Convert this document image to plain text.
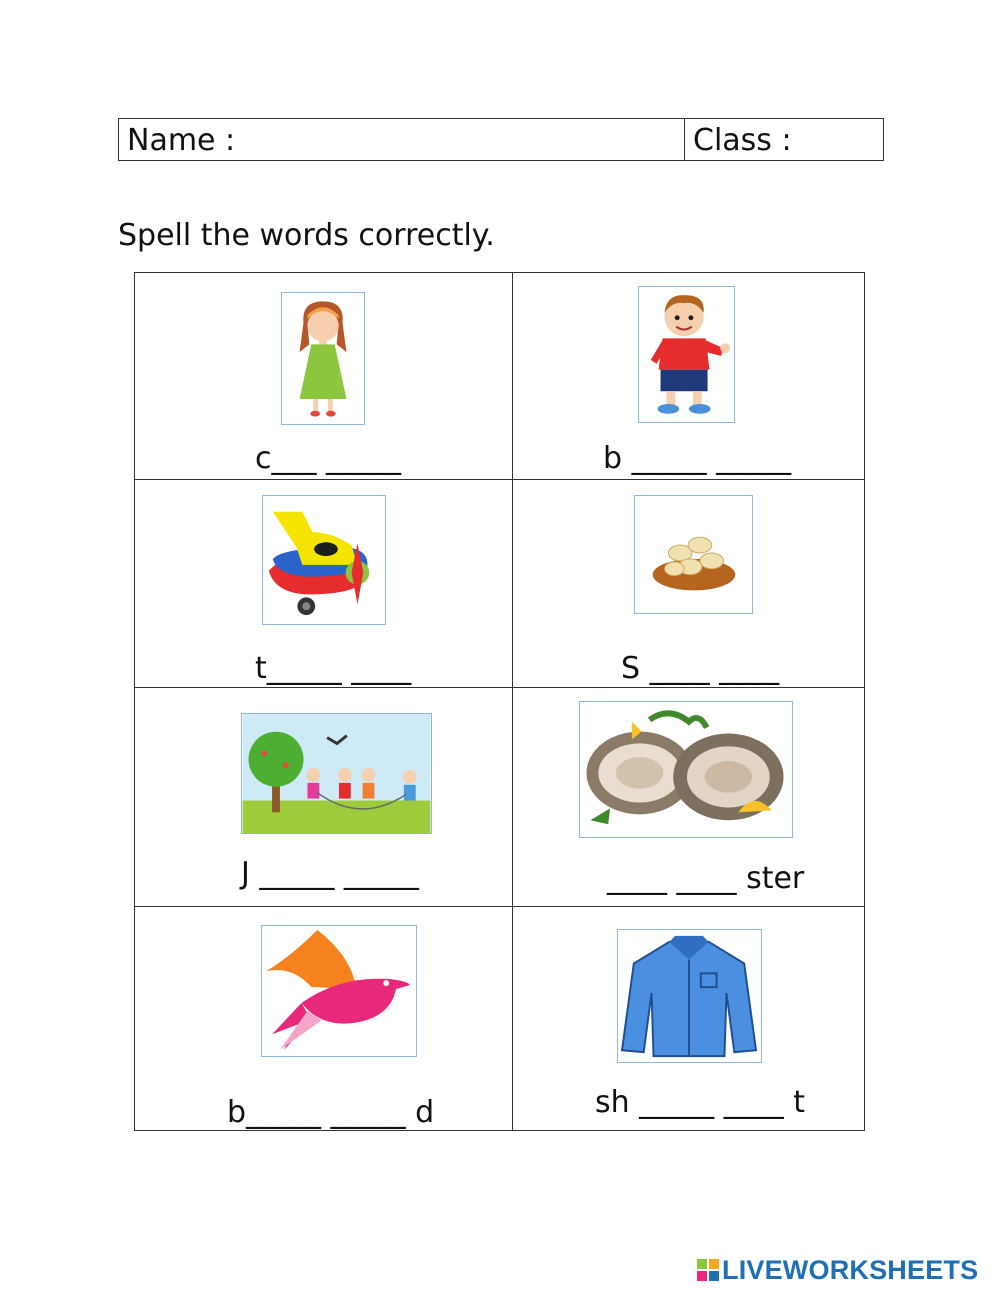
Name :	Class :
Spell the words correctly.
c___ _____	b _____ _____
t_____ ____	S ____ ____
J _____ _____	____ ____ ster
b_____ _____ d	sh _____ ____ t
LIVEWORKSHEETS
